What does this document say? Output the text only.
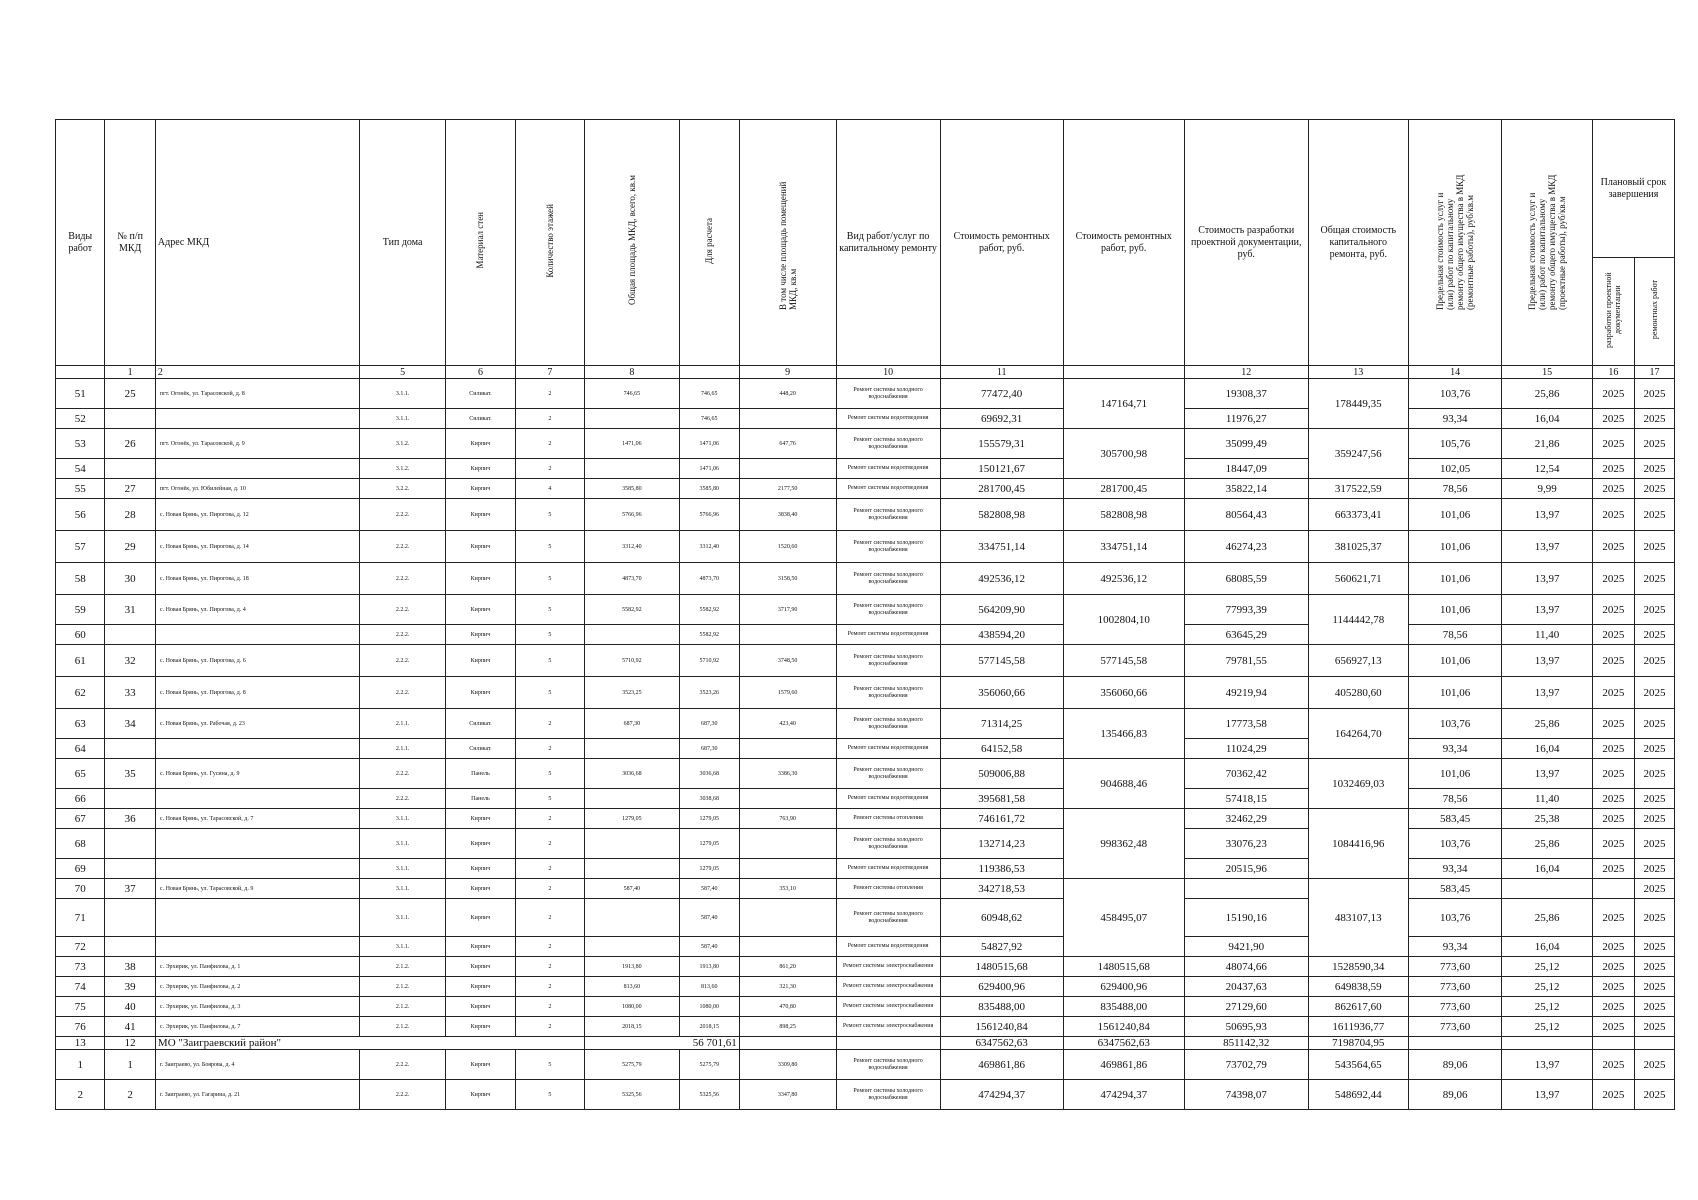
Виды работ	№ п/п МКД	Адрес МКД	Тип дома	Материал стен	Количество этажей	Общая площадь МКД, всего, кв.м	Для расчета	В том числе площадь помещений МКД, кв.м	Вид работ/услуг по капитальному ремонту	Стоимость ремонтных работ, руб.	Стоимость ремонтных работ, руб.	Стоимость разработки проектной документации, руб.	Общая стоимость капитального ремонта, руб.	Предельная стоимость услуг и (или) работ по капитальному ремонту общего имущества в МКД (ремонтные работы), руб/кв.м	Предельная стоимость услуг и (или) работ по капитальному ремонту общего имущества в МКД (проектные работы), руб/кв.м	Плановый срок завершения	
																разработки проектной документации	ремонтных работ
	1	2	5	6	7	8		9	10	11		12	13	14	15	16	17
51	25	пгт. Огонёк, ул. Тарасовской, д. 8	3.1.1.	Силикат.	2	746,65	746,65	448,20	Ремонт системы холодного водоснабжения	77472,40	147164,71	19308,37	178449,35	103,76	25,86	2025	2025
52			3.1.1.	Силикат.	2		746,65		Ремонт системы водоотведения	69692,31		11976,27		93,34	16,04	2025	2025
53	26	пгт. Огонёк, ул. Тарасовской, д. 9	3.1.2.	Кирпич	2	1471,06	1471,06	647,76	Ремонт системы холодного водоснабжения	155579,31	305700,98	35099,49	359247,56	105,76	21,86	2025	2025
54			3.1.2.	Кирпич	2		1471,06		Ремонт системы водоотведения	150121,67		18447,09		102,05	12,54	2025	2025
55	27	пгт. Огонёк, ул. Юбилейная, д. 10	3.2.2.	Кирпич	4	3585,80	3585,80	2177,50	Ремонт системы водоотведения	281700,45	281700,45	35822,14	317522,59	78,56	9,99	2025	2025
56	28	с. Новая Брянь, ул. Пирогова, д. 12	2.2.2.	Кирпич	5	5766,96	5766,96	3838,40	Ремонт системы холодного водоснабжения	582808,98	582808,98	80564,43	663373,41	101,06	13,97	2025	2025
57	29	с. Новая Брянь, ул. Пирогова, д. 14	2.2.2.	Кирпич	5	3312,40	3312,40	1520,60	Ремонт системы холодного водоснабжения	334751,14	334751,14	46274,23	381025,37	101,06	13,97	2025	2025
58	30	с. Новая Брянь, ул. Пирогова, д. 18	2.2.2.	Кирпич	5	4873,70	4873,70	3158,50	Ремонт системы холодного водоснабжения	492536,12	492536,12	68085,59	560621,71	101,06	13,97	2025	2025
59	31	с. Новая Брянь, ул. Пирогова, д. 4	2.2.2.	Кирпич	5	5582,92	5582,92	3717,90	Ремонт системы холодного водоснабжения	564209,90	1002804,10	77993,39	1144442,78	101,06	13,97	2025	2025
60			2.2.2.	Кирпич	5		5582,92		Ремонт системы водоотведения	438594,20		63645,29		78,56	11,40	2025	2025
61	32	с. Новая Брянь, ул. Пирогова, д. 6	2.2.2.	Кирпич	5	5710,92	5710,92	3748,50	Ремонт системы холодного водоснабжения	577145,58	577145,58	79781,55	656927,13	101,06	13,97	2025	2025
62	33	с. Новая Брянь, ул. Пирогова, д. 8	2.2.2.	Кирпич	5	3523,25	3523,26	1579,60	Ремонт системы холодного водоснабжения	356060,66	356060,66	49219,94	405280,60	101,06	13,97	2025	2025
63	34	с. Новая Брянь, ул. Рабочая, д. 23	2.1.1.	Силикат.	2	687,30	687,30	423,40	Ремонт системы холодного водоснабжения	71314,25	135466,83	17773,58	164264,70	103,76	25,86	2025	2025
64			2.1.1.	Силикат.	2		687,30		Ремонт системы водоотведения	64152,58		11024,29		93,34	16,04	2025	2025
65	35	с. Новая Брянь, ул. Гусина, д. 9	2.2.2.	Панель	5	3036,68	3036,68	3386,30	Ремонт системы холодного водоснабжения	509006,88	904688,46	70362,42	1032469,03	101,06	13,97	2025	2025
66			2.2.2.	Панель	5		3038,68		Ремонт системы водоотведения	395681,58		57418,15		78,56	11,40	2025	2025
67	36	с. Новая Брянь, ул. Тарасовской, д. 7	3.1.1.	Кирпич	2	1279,05	1279,05	763,90	Ремонт системы отопления	746161,72	998362,48	32462,29	1084416,96	583,45	25,38	2025	2025
68			3.1.1.	Кирпич	2		1279,05		Ремонт системы холодного водоснабжения	132714,23		33076,23		103,76	25,86	2025	2025
69			3.1.1.	Кирпич	2		1279,05		Ремонт системы водоотведения	119386,53		20515,96		93,34	16,04	2025	2025
70	37	с. Новая Брянь, ул. Тарасовской, д. 9	3.1.1.	Кирпич	2	587,40	587,40	353,10	Ремонт системы отопления	342718,53	458495,07		483107,13	583,45			2025
71			3.1.1.	Кирпич	2		587,40		Ремонт системы холодного водоснабжения	60948,62		15190,16		103,76	25,86	2025	2025
72			3.1.1.	Кирпич	2		587,40		Ремонт системы водоотведения	54827,92		9421,90		93,34	16,04	2025	2025
73	38	с. Эрхирик, ул. Панфилова, д. 1	2.1.2.	Кирпич	2	1913,80	1913,80	861,20	Ремонт системы электроснабжения	1480515,68	1480515,68	48074,66	1528590,34	773,60	25,12	2025	2025
74	39	с. Эрхирик, ул. Панфилова, д. 2	2.1.2.	Кирпич	2	813,60	813,60	321,30	Ремонт системы электроснабжения	629400,96	629400,96	20437,63	649838,59	773,60	25,12	2025	2025
75	40	с. Эрхирик, ул. Панфилова, д. 3	2.1.2.	Кирпич	2	1080,00	1080,00	470,80	Ремонт системы электроснабжения	835488,00	835488,00	27129,60	862617,60	773,60	25,12	2025	2025
76	41	с. Эрхирик, ул. Панфилова, д. 7	2.1.2.	Кирпич	2	2018,15	2018,15	898,25	Ремонт системы электроснабжения	1561240,84	1561240,84	50695,93	1611936,77	773,60	25,12	2025	2025
13	12	МО "Заиграевский район"				56 701,61				6347562,63	6347562,63	851142,32	7198704,95				
1	1	г. Заиграево, ул. Боярова, д. 4	2.2.2.	Кирпич	5	5275,79	5275,79	3309,80	Ремонт системы холодного водоснабжения	469861,86	469861,86	73702,79	543564,65	89,06	13,97	2025	2025
2	2	г. Заиграево, ул. Гагарина, д. 21	2.2.2.	Кирпич	5	5325,56	5325,56	3347,80	Ремонт системы холодного водоснабжения	474294,37	474294,37	74398,07	548692,44	89,06	13,97	2025	2025
